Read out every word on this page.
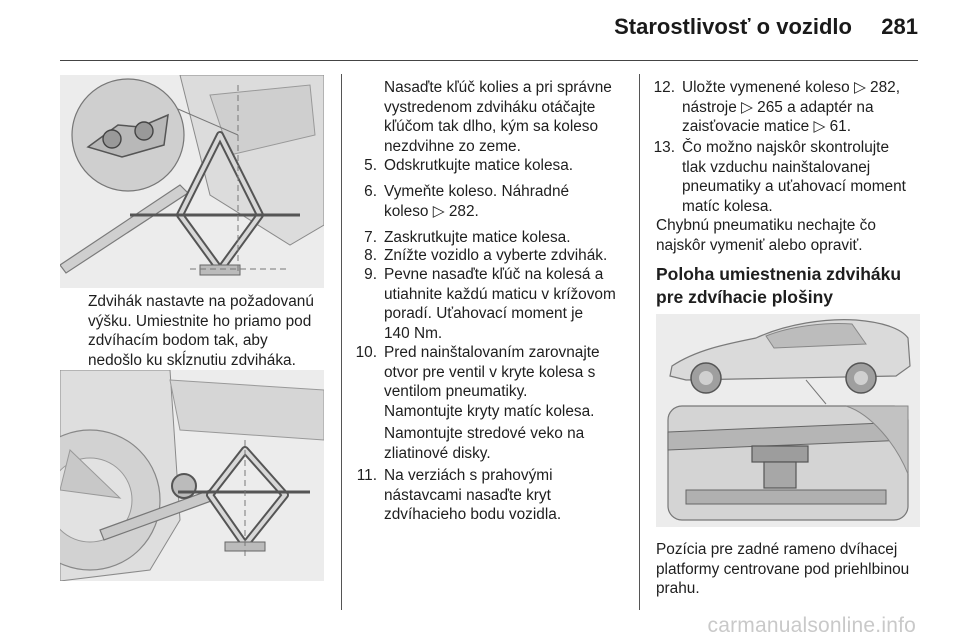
Starostlivosť o vozidlo 281
Zdvihák nastavte na požadovanú
výšku. Umiestnite ho priamo pod
zdvíhacím bodom tak, aby
nedošlo ku skĺznutiu zdviháka.
Nasaďte kľúč kolies a pri správne
vystredenom zdviháku otáčajte
kľúčom tak dlho, kým sa koleso
nezdvihne zo zeme.
5. Odskrutkujte matice kolesa.
6. Vymeňte koleso. Náhradné
koleso ▷ 282.
7. Zaskrutkujte matice kolesa.
8. Znížte vozidlo a vyberte zdvihák.
9. Pevne nasaďte kľúč na kolesá a
utiahnite každú maticu v krížovom
poradí. Uťahovací moment je
140 Nm.
10. Pred nainštalovaním zarovnajte
otvor pre ventil v kryte kolesa s
ventilom pneumatiky.
Namontujte kryty matíc kolesa.
Namontujte stredové veko na
zliatinové disky.
11. Na verziách s prahovými
nástavcami nasaďte kryt
zdvíhacieho bodu vozidla.
12. Uložte vymenené koleso ▷ 282,
nástroje ▷ 265 a adaptér na
zaisťovacie matice ▷ 61.
13. Čo možno najskôr skontrolujte
tlak vzduchu nainštalovanej
pneumatiky a uťahovací moment
matíc kolesa.
Chybnú pneumatiku nechajte čo
najskôr vymeniť alebo opraviť.
Poloha umiestnenia zdviháku
pre zdvíhacie plošiny
Pozícia pre zadné rameno dvíhacej
platformy centrovane pod priehlbinou
prahu.
carmanualsonline.info
